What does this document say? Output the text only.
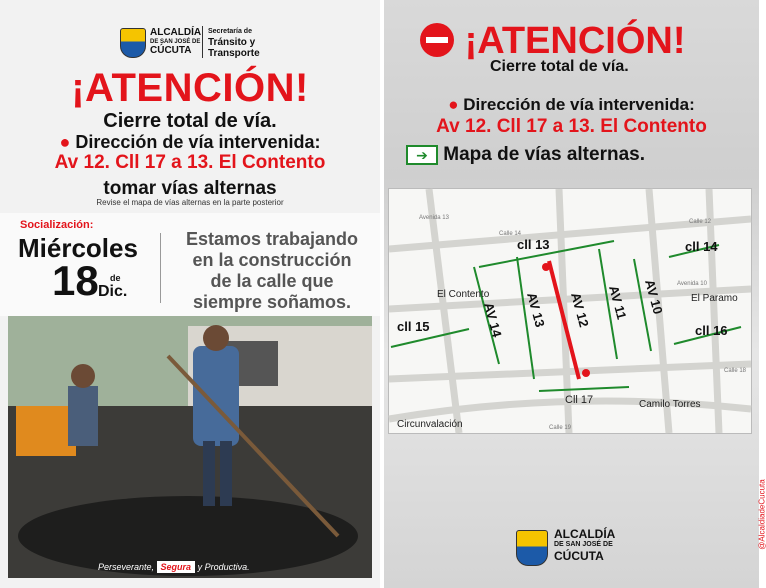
ALCALDÍA
DE SAN JOSÉ DE
CÚCUTA
Secretaría de
Tránsito y
Transporte
¡ATENCIÓN!
Cierre total de vía.
● Dirección de vía intervenida:
Av 12. Cll 17 a 13. El Contento
tomar vías alternas
Revise el mapa de vías alternas en la parte posterior
Socialización:
Miércoles
18 de
Dic.
Estamos trabajando
en la construcción
de la calle que
siempre soñamos.
Perseverante, Segura y Productiva.
¡ATENCIÓN!
Cierre total de vía.
● Dirección de vía intervenida:
Av 12. Cll 17 a 13. El Contento
➔ Mapa de vías alternas.
Calle 12
Calle 14
Calle 18
Calle 19
Avenida 13
Avenida 10
cll 13	cll 14
cll 15	cll 16
AV 14 AV 13 AV 12 AV 11 AV 10
El Contento	El Paramo
Camilo Torres
Circunvalación
Cll 17
ALCALDÍA
DE SAN JOSÉ DE
CÚCUTA
@AlcaldiadeCucuta
